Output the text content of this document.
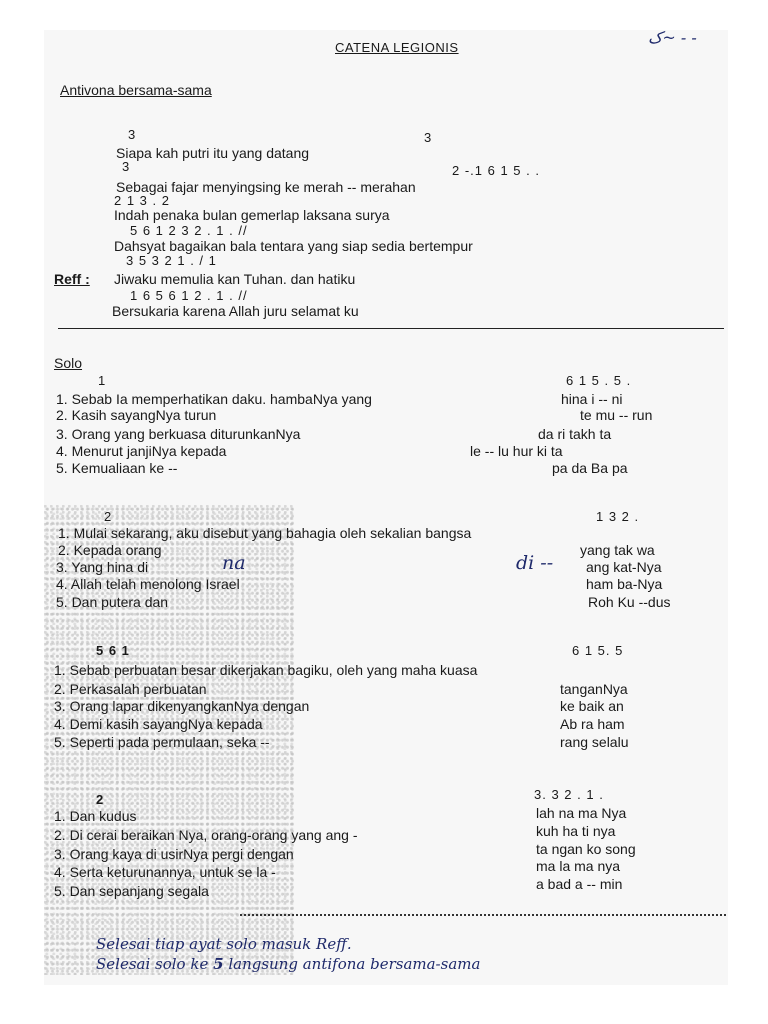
CATENA LEGIONIS
ک~ - -
Antivona bersama-sama
3	3
Siapa kah putri itu yang datang
3	2 -.1 6 1 5 . .
Sebagai fajar menyingsing ke merah -- merahan
2 1 3 . 2
Indah penaka bulan gemerlap laksana surya
5 6 1 2 3 2 . 1 . //
Dahsyat bagaikan bala tentara yang siap sedia bertempur
3 5 3 2 1 . / 1
Reff : Jiwaku memulia kan Tuhan. dan hatiku
1 6 5 6 1 2 . 1 . //
Bersukaria karena Allah juru selamat ku
Solo
1	6 1 5 . 5 .
1. Sebab Ia memperhatikan daku. hambaNya yang	hina i -- ni
2. Kasih sayangNya turun	te mu -- run
3. Orang yang berkuasa diturunkanNya	da ri takh ta
4. Menurut janjiNya kepada	le -- lu hur ki ta
5. Kemualiaan ke --	pa da Ba pa
2	1 3 2 .
1. Mulai sekarang, aku disebut yang bahagia oleh sekalian bangsa
2. Kepada orang	yang tak wa
3. Yang hina di	na	di -- ang kat-Nya
4. Allah telah menolong Israel	ham ba-Nya
5. Dan putera dan	Roh Ku --dus
5 6 1	6 1 5. 5
1. Sebab perbuatan besar dikerjakan bagiku, oleh yang maha kuasa
2. Perkasalah perbuatan	tanganNya
3. Orang lapar dikenyangkanNya dengan	ke baik an
4. Demi kasih sayangNya kepada	Ab ra ham
5. Seperti pada permulaan, seka --	rang selalu
2	3. 3 2 . 1 .
1. Dan kudus	lah na ma Nya
2. Di cerai beraikan Nya, orang-orang yang ang -	kuh ha ti nya
3. Orang kaya di usirNya pergi dengan	ta ngan ko song
4. Serta keturunannya, untuk se la -	ma la ma nya
5. Dan sepanjang segala	a bad a -- min
Selesai tiap ayat solo masuk Reff.
Selesai solo ke 5 langsung antifona bersama-sama
